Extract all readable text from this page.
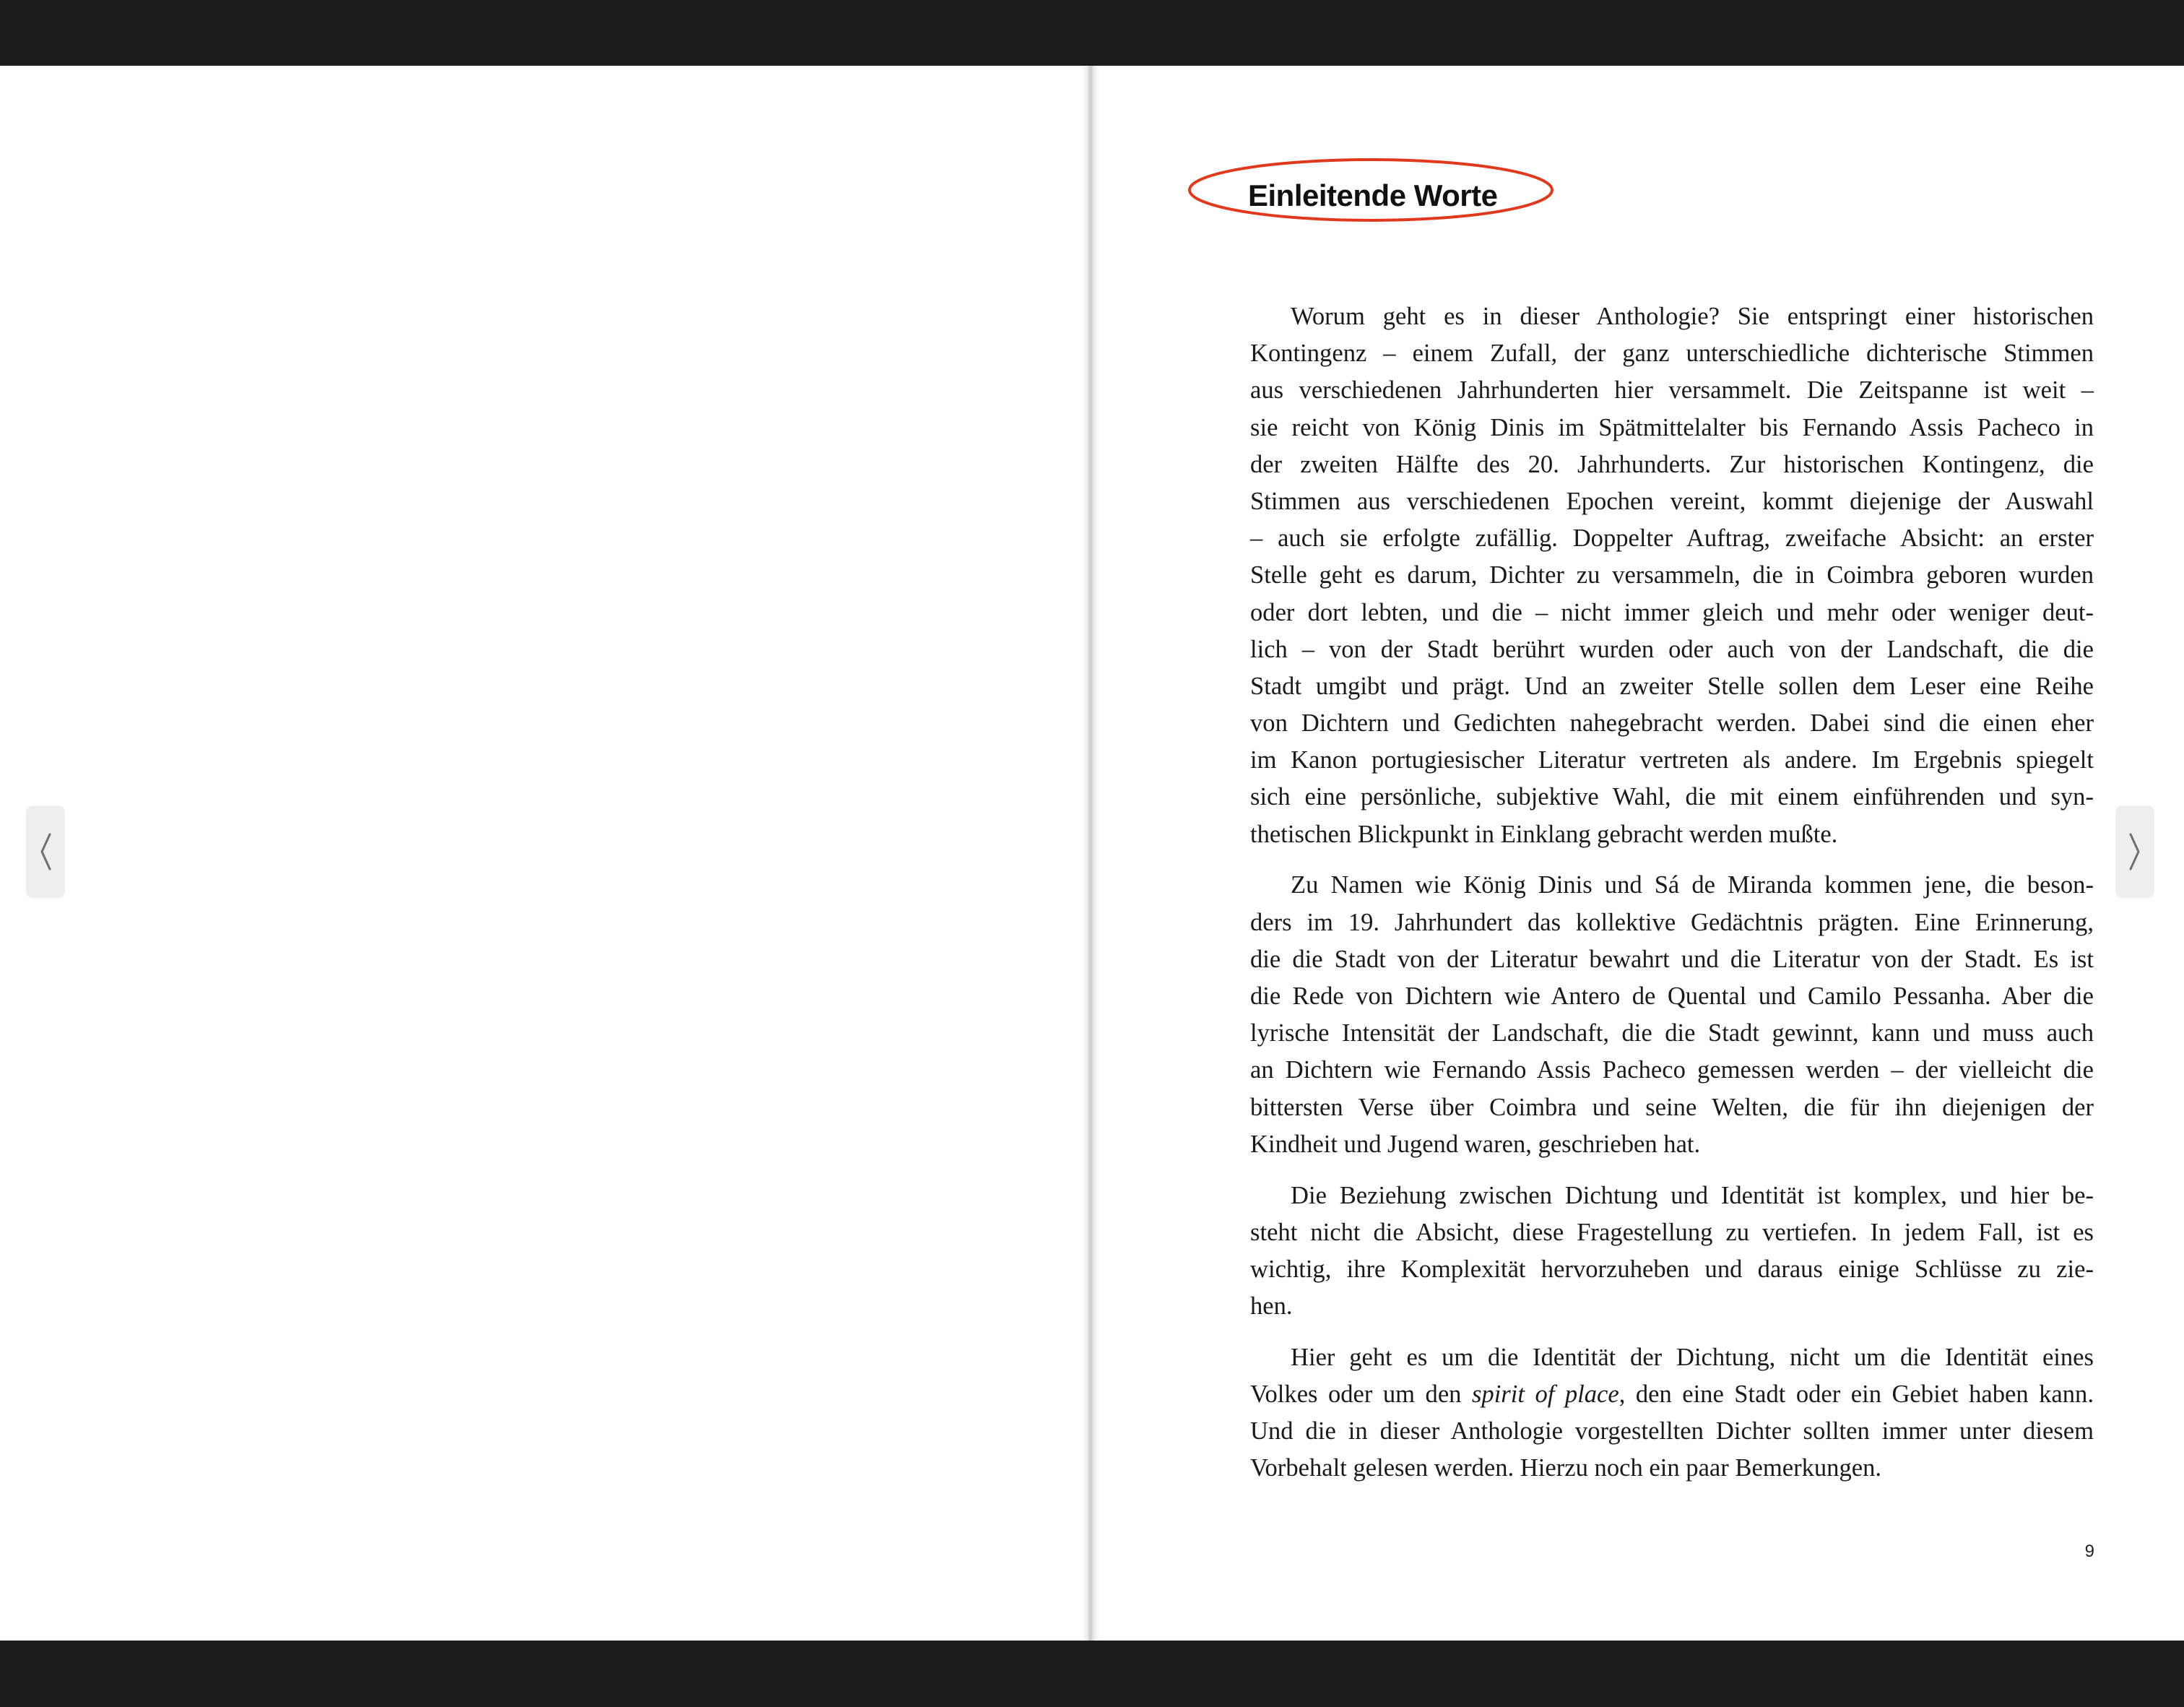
Einleitende Worte
Worum geht es in dieser Anthologie? Sie entspringt einer historischen
Kontingenz – einem Zufall, der ganz unterschiedliche dichterische Stimmen
aus verschiedenen Jahrhunderten hier versammelt. Die Zeitspanne ist weit –
sie reicht von König Dinis im Spätmittelalter bis Fernando Assis Pacheco in
der zweiten Hälfte des 20. Jahrhunderts. Zur historischen Kontingenz, die
Stimmen aus verschiedenen Epochen vereint, kommt diejenige der Auswahl
– auch sie erfolgte zufällig. Doppelter Auftrag, zweifache Absicht: an erster
Stelle geht es darum, Dichter zu versammeln, die in Coimbra geboren wurden
oder dort lebten, und die – nicht immer gleich und mehr oder weniger deut-
lich – von der Stadt berührt wurden oder auch von der Landschaft, die die
Stadt umgibt und prägt. Und an zweiter Stelle sollen dem Leser eine Reihe
von Dichtern und Gedichten nahegebracht werden. Dabei sind die einen eher
im Kanon portugiesischer Literatur vertreten als andere. Im Ergebnis spiegelt
sich eine persönliche, subjektive Wahl, die mit einem einführenden und syn-
thetischen Blickpunkt in Einklang gebracht werden mußte.
Zu Namen wie König Dinis und Sá de Miranda kommen jene, die beson-
ders im 19. Jahrhundert das kollektive Gedächtnis prägten. Eine Erinnerung,
die die Stadt von der Literatur bewahrt und die Literatur von der Stadt. Es ist
die Rede von Dichtern wie Antero de Quental und Camilo Pessanha. Aber die
lyrische Intensität der Landschaft, die die Stadt gewinnt, kann und muss auch
an Dichtern wie Fernando Assis Pacheco gemessen werden – der vielleicht die
bittersten Verse über Coimbra und seine Welten, die für ihn diejenigen der
Kindheit und Jugend waren, geschrieben hat.
Die Beziehung zwischen Dichtung und Identität ist komplex, und hier be-
steht nicht die Absicht, diese Fragestellung zu vertiefen. In jedem Fall, ist es
wichtig, ihre Komplexität hervorzuheben und daraus einige Schlüsse zu zie-
hen.
Hier geht es um die Identität der Dichtung, nicht um die Identität eines
Volkes oder um den spirit of place, den eine Stadt oder ein Gebiet haben kann.
Und die in dieser Anthologie vorgestellten Dichter sollten immer unter diesem
Vorbehalt gelesen werden. Hierzu noch ein paar Bemerkungen.
9
